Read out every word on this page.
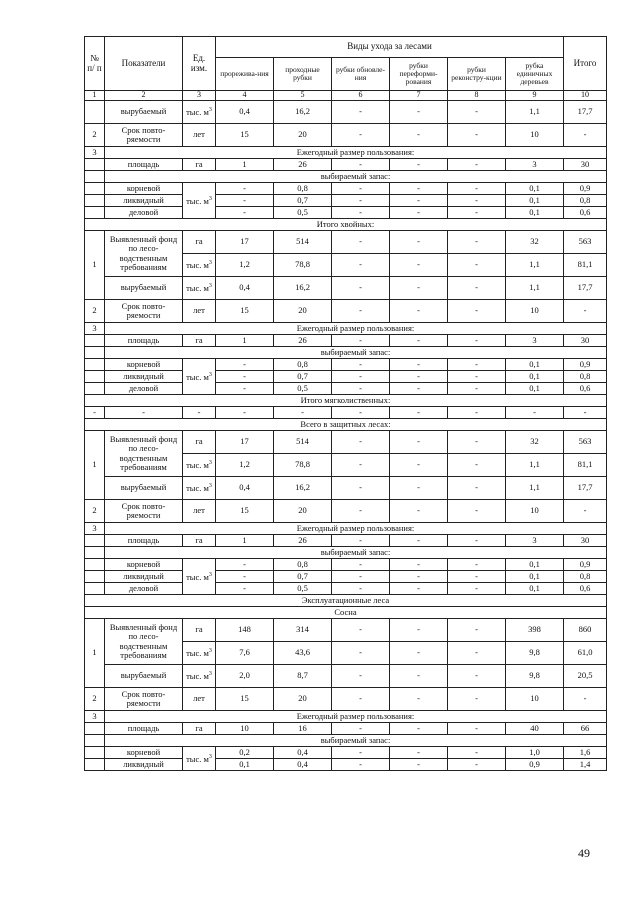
№ п/ п	Показатели	Ед. изм.	Виды ухода за лесами						Итого
			прорежива-ния	проходные рубки	рубки обновле-ния	рубки переформи-рования	рубки реконстру-кции	рубка единичных деревьев	
1	2	3	4	5	6	7	8	9	10
	вырубаемый	тыс. $м^3$	0,4	16,2	-	-	-	1,1	17,7
2	Срок повто-ряемости	лет	15	20	-	-	-	10	-
3	Ежегодный размер пользования:								
	площадь	га	1	26	-	-	-	3	30
	выбираемый запас:								
	корневой	тыс. $м^3$	-	0,8	-	-	-	0,1	0,9
	ликвидный		-	0,7	-	-	-	0,1	0,8
	деловой		-	0,5	-	-	-	0,1	0,6
Итого хвойных:									
1	Выявленный фонд по лесо-водственным требованиям	га	17	514	-	-	-	32	563
		тыс. $м^3$	1,2	78,8	-	-	-	1,1	81,1
	вырубаемый	тыс. $м^3$	0,4	16,2	-	-	-	1,1	17,7
2	Срок повто-ряемости	лет	15	20	-	-	-	10	-
3	Ежегодный размер пользования:								
	площадь	га	1	26	-	-	-	3	30
	выбираемый запас:								
	корневой	тыс. $м^3$	-	0,8	-	-	-	0,1	0,9
	ликвидный		-	0,7	-	-	-	0,1	0,8
	деловой		-	0,5	-	-	-	0,1	0,6
Итого мягколиственных:									
-	-	-	-	-	-	-	-	-	-
Всего в защитных лесах:									
1	Выявленный фонд по лесо-водственным требованиям	га	17	514	-	-	-	32	563
		тыс. $м^3$	1,2	78,8	-	-	-	1,1	81,1
	вырубаемый	тыс. $м^3$	0,4	16,2	-	-	-	1,1	17,7
2	Срок повто-ряемости	лет	15	20	-	-	-	10	-
3	Ежегодный размер пользования:								
	площадь	га	1	26	-	-	-	3	30
	выбираемый запас:								
	корневой	тыс. $м^3$	-	0,8	-	-	-	0,1	0,9
	ликвидный		-	0,7	-	-	-	0,1	0,8
	деловой		-	0,5	-	-	-	0,1	0,6
Эксплуатационные леса									
Сосна									
1	Выявленный фонд по лесо-водственным требованиям	га	148	314	-	-	-	398	860
		тыс. $м^3$	7,6	43,6	-	-	-	9,8	61,0
	вырубаемый	тыс. $м^3$	2,0	8,7	-	-	-	9,8	20,5
2	Срок повто-ряемости	лет	15	20	-	-	-	10	-
3	Ежегодный размер пользования:								
	площадь	га	10	16	-	-	-	40	66
	выбираемый запас:								
	корневой	тыс. $м^3$	0,2	0,4	-	-	-	1,0	1,6
	ликвидный		0,1	0,4	-	-	-	0,9	1,4
49
